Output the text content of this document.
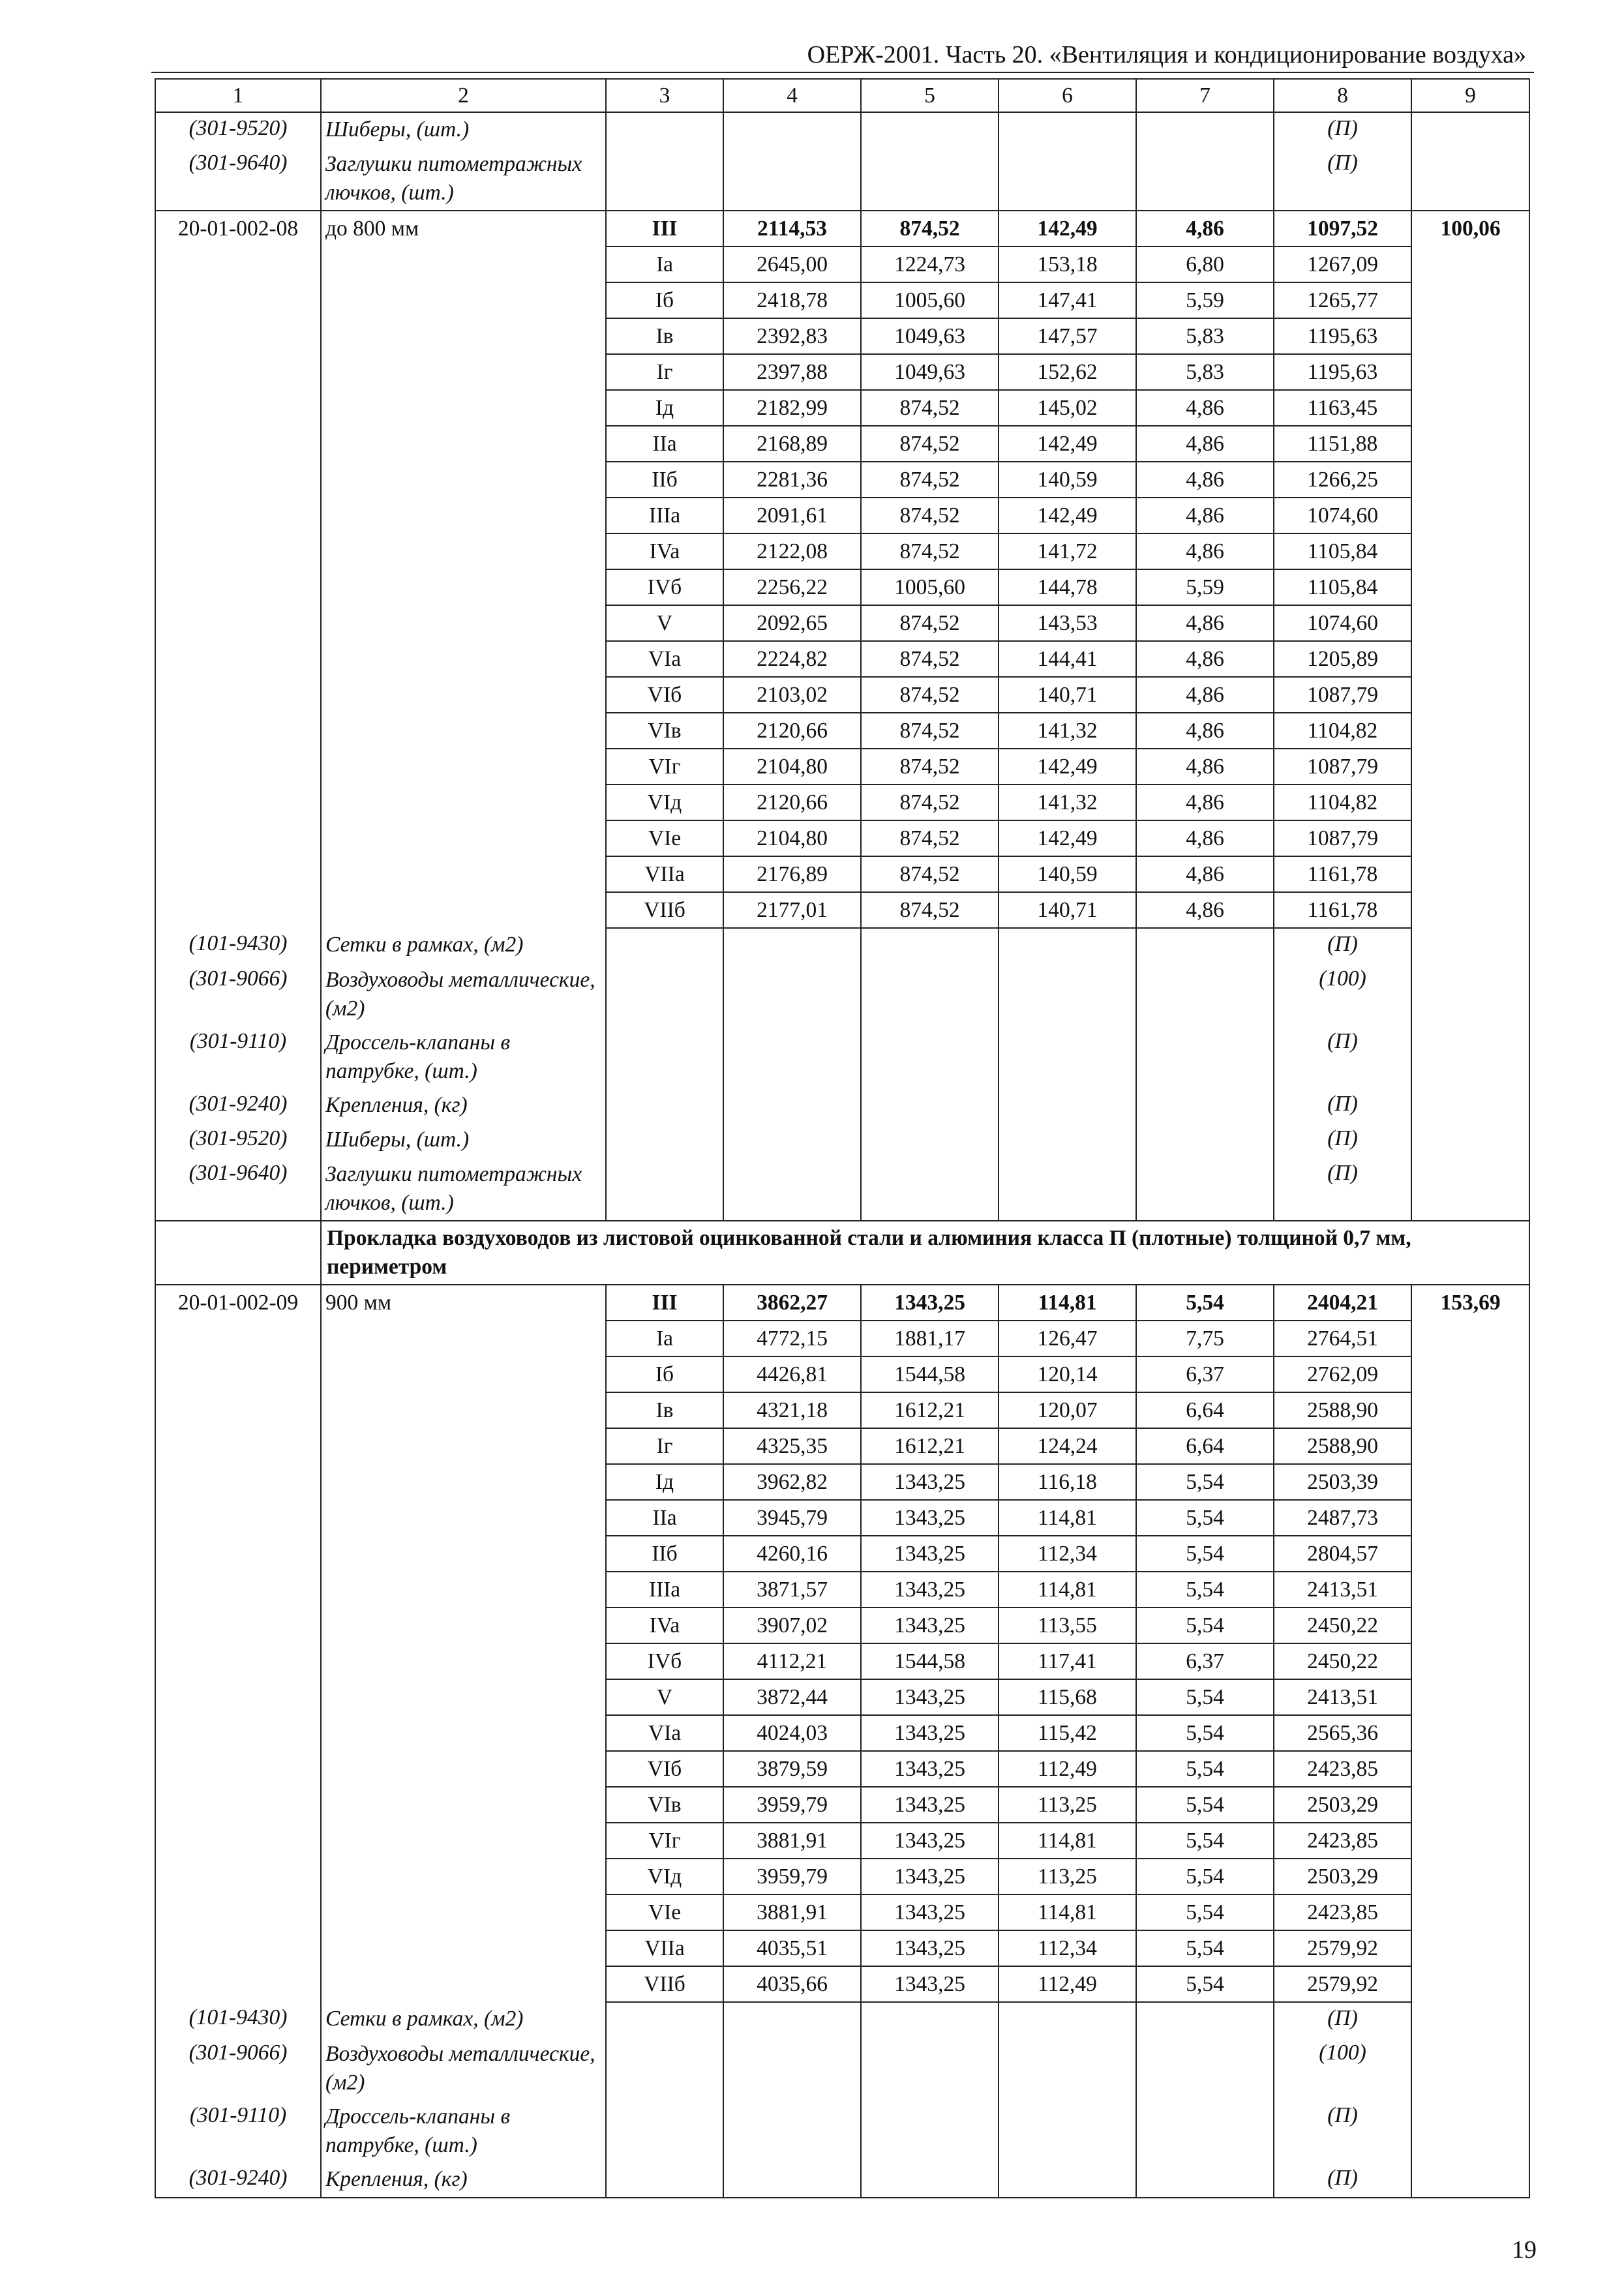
ОЕРЖ-2001. Часть 20. «Вентиляция и кондиционирование воздуха»
1	2	3	4	5	6	7	8	9
(301-9520)	Шиберы, (шт.)						(П)	
(301-9640)	Заглушки питометражных лючков, (шт.)						(П)	
20-01-002-08	до 800 мм	III	2114,53	874,52	142,49	4,86	1097,52	100,06
		Ia	2645,00	1224,73	153,18	6,80	1267,09	
		Iб	2418,78	1005,60	147,41	5,59	1265,77	
		Iв	2392,83	1049,63	147,57	5,83	1195,63	
		Iг	2397,88	1049,63	152,62	5,83	1195,63	
		Iд	2182,99	874,52	145,02	4,86	1163,45	
		IIa	2168,89	874,52	142,49	4,86	1151,88	
		IIб	2281,36	874,52	140,59	4,86	1266,25	
		IIIa	2091,61	874,52	142,49	4,86	1074,60	
		IVa	2122,08	874,52	141,72	4,86	1105,84	
		IVб	2256,22	1005,60	144,78	5,59	1105,84	
		V	2092,65	874,52	143,53	4,86	1074,60	
		VIa	2224,82	874,52	144,41	4,86	1205,89	
		VIб	2103,02	874,52	140,71	4,86	1087,79	
		VIв	2120,66	874,52	141,32	4,86	1104,82	
		VIг	2104,80	874,52	142,49	4,86	1087,79	
		VIд	2120,66	874,52	141,32	4,86	1104,82	
		VIe	2104,80	874,52	142,49	4,86	1087,79	
		VIIa	2176,89	874,52	140,59	4,86	1161,78	
		VIIб	2177,01	874,52	140,71	4,86	1161,78	
(101-9430)	Сетки в рамках, (м2)						(П)	
(301-9066)	Воздуховоды металлические, (м2)						(100)	
(301-9110)	Дроссель-клапаны в патрубке, (шт.)						(П)	
(301-9240)	Крепления, (кг)						(П)	
(301-9520)	Шиберы, (шт.)						(П)	
(301-9640)	Заглушки питометражных лючков, (шт.)						(П)	
	Прокладка воздуховодов из листовой оцинкованной стали и алюминия класса П (плотные) толщиной 0,7 мм, периметром							
20-01-002-09	900 мм	III	3862,27	1343,25	114,81	5,54	2404,21	153,69
		Ia	4772,15	1881,17	126,47	7,75	2764,51	
		Iб	4426,81	1544,58	120,14	6,37	2762,09	
		Iв	4321,18	1612,21	120,07	6,64	2588,90	
		Iг	4325,35	1612,21	124,24	6,64	2588,90	
		Iд	3962,82	1343,25	116,18	5,54	2503,39	
		IIa	3945,79	1343,25	114,81	5,54	2487,73	
		IIб	4260,16	1343,25	112,34	5,54	2804,57	
		IIIa	3871,57	1343,25	114,81	5,54	2413,51	
		IVa	3907,02	1343,25	113,55	5,54	2450,22	
		IVб	4112,21	1544,58	117,41	6,37	2450,22	
		V	3872,44	1343,25	115,68	5,54	2413,51	
		VIa	4024,03	1343,25	115,42	5,54	2565,36	
		VIб	3879,59	1343,25	112,49	5,54	2423,85	
		VIв	3959,79	1343,25	113,25	5,54	2503,29	
		VIг	3881,91	1343,25	114,81	5,54	2423,85	
		VIд	3959,79	1343,25	113,25	5,54	2503,29	
		VIe	3881,91	1343,25	114,81	5,54	2423,85	
		VIIa	4035,51	1343,25	112,34	5,54	2579,92	
		VIIб	4035,66	1343,25	112,49	5,54	2579,92	
(101-9430)	Сетки в рамках, (м2)						(П)	
(301-9066)	Воздуховоды металлические, (м2)						(100)	
(301-9110)	Дроссель-клапаны в патрубке, (шт.)						(П)	
(301-9240)	Крепления, (кг)						(П)	
19
